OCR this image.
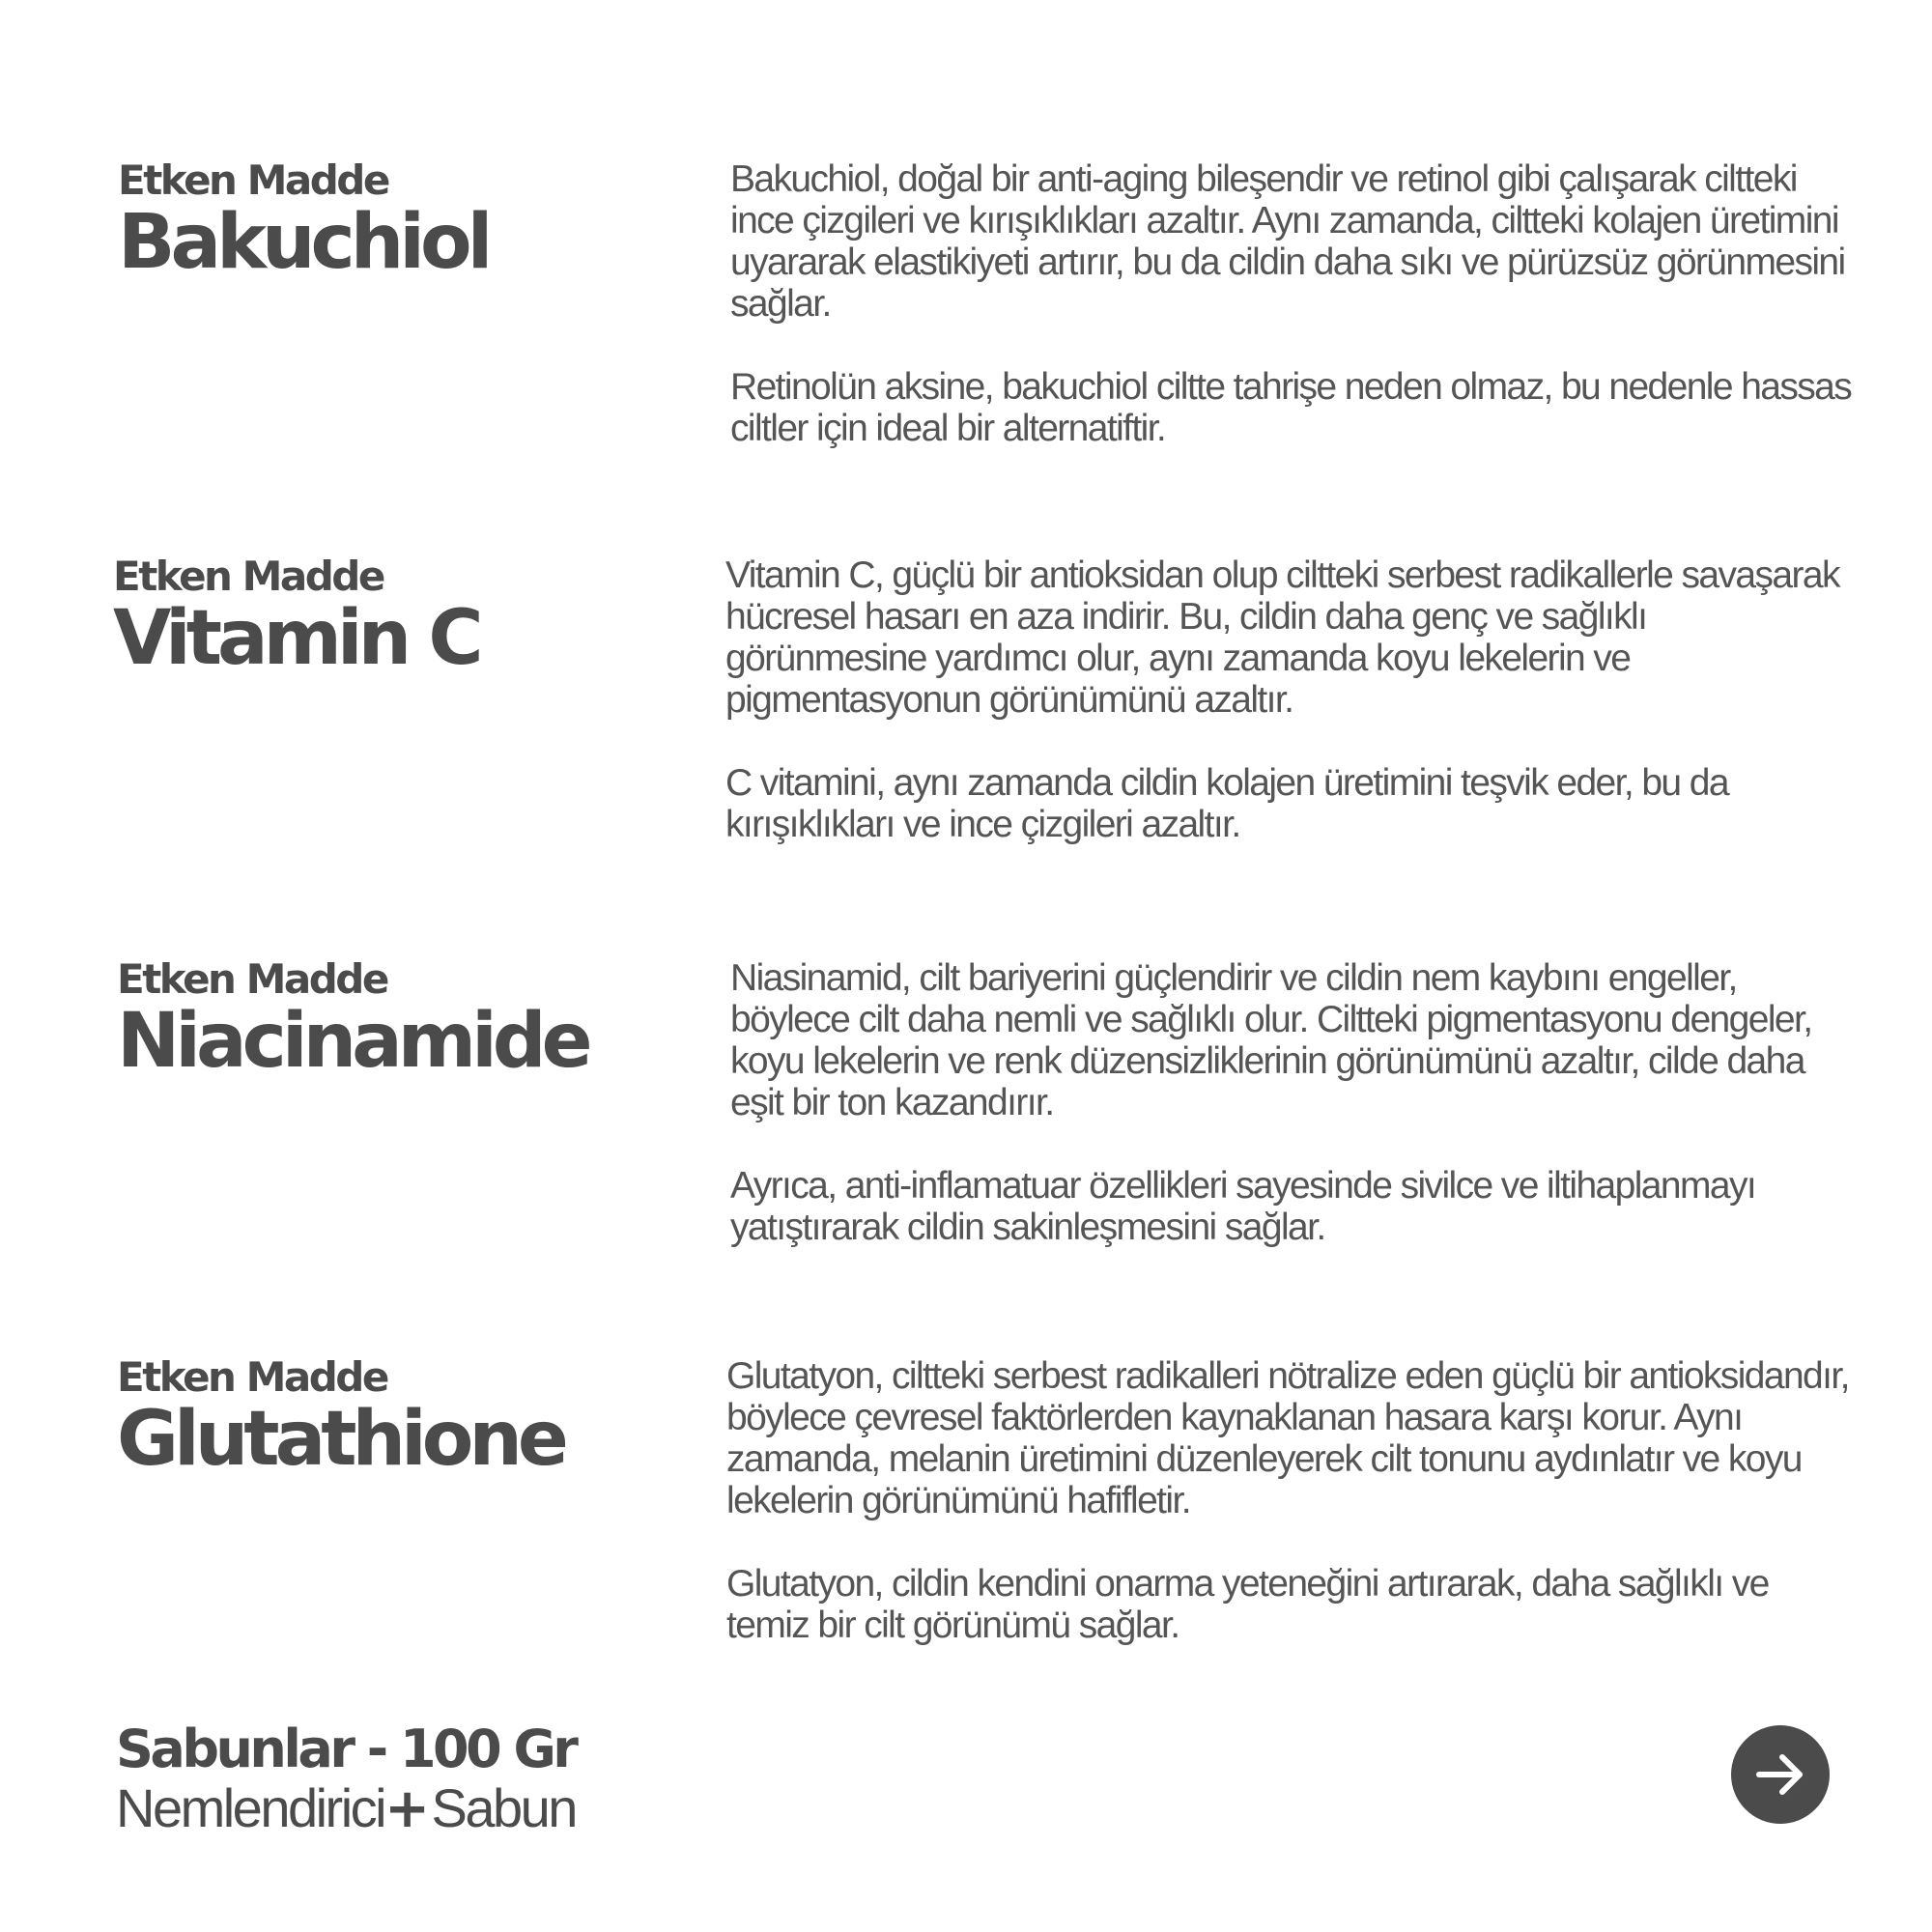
Etken Madde
Bakuchiol

Bakuchiol, doğal bir anti-aging bileşendir ve retinol gibi çalışarak ciltteki ince çizgileri ve kırışıklıkları azaltır. Aynı zamanda, ciltteki kolajen üretimini uyararak elastikiyeti artırır, bu da cildin daha sıkı ve pürüzsüz görünmesini sağlar.

Retinolün aksine, bakuchiol ciltte tahrişe neden olmaz, bu nedenle hassas ciltler için ideal bir alternatiftir.

Etken Madde
Vitamin C

Vitamin C, güçlü bir antioksidan olup ciltteki serbest radikallerle savaşarak hücresel hasarı en aza indirir. Bu, cildin daha genç ve sağlıklı görünmesine yardımcı olur, aynı zamanda koyu lekelerin ve pigmentasyonun görünümünü azaltır.

C vitamini, aynı zamanda cildin kolajen üretimini teşvik eder, bu da kırışıklıkları ve ince çizgileri azaltır.

Etken Madde
Niacinamide

Niasinamid, cilt bariyerini güçlendirir ve cildin nem kaybını engeller, böylece cilt daha nemli ve sağlıklı olur. Ciltteki pigmentasyonu dengeler, koyu lekelerin ve renk düzensizliklerinin görünümünü azaltır, cilde daha eşit bir ton kazandırır.

Ayrıca, anti-inflamatuar özellikleri sayesinde sivilce ve iltihaplanmayı yatıştırarak cildin sakinleşmesini sağlar.

Etken Madde
Glutathione

Glutatyon, ciltteki serbest radikalleri nötralize eden güçlü bir antioksidandır, böylece çevresel faktörlerden kaynaklanan hasara karşı korur. Aynı zamanda, melanin üretimini düzenleyerek cilt tonunu aydınlatır ve koyu lekelerin görünümünü hafifletir.

Glutatyon, cildin kendini onarma yeteneğini artırarak, daha sağlıklı ve temiz bir cilt görünümü sağlar.

Sabunlar - 100 Gr
Nemlendirici+Sabun
